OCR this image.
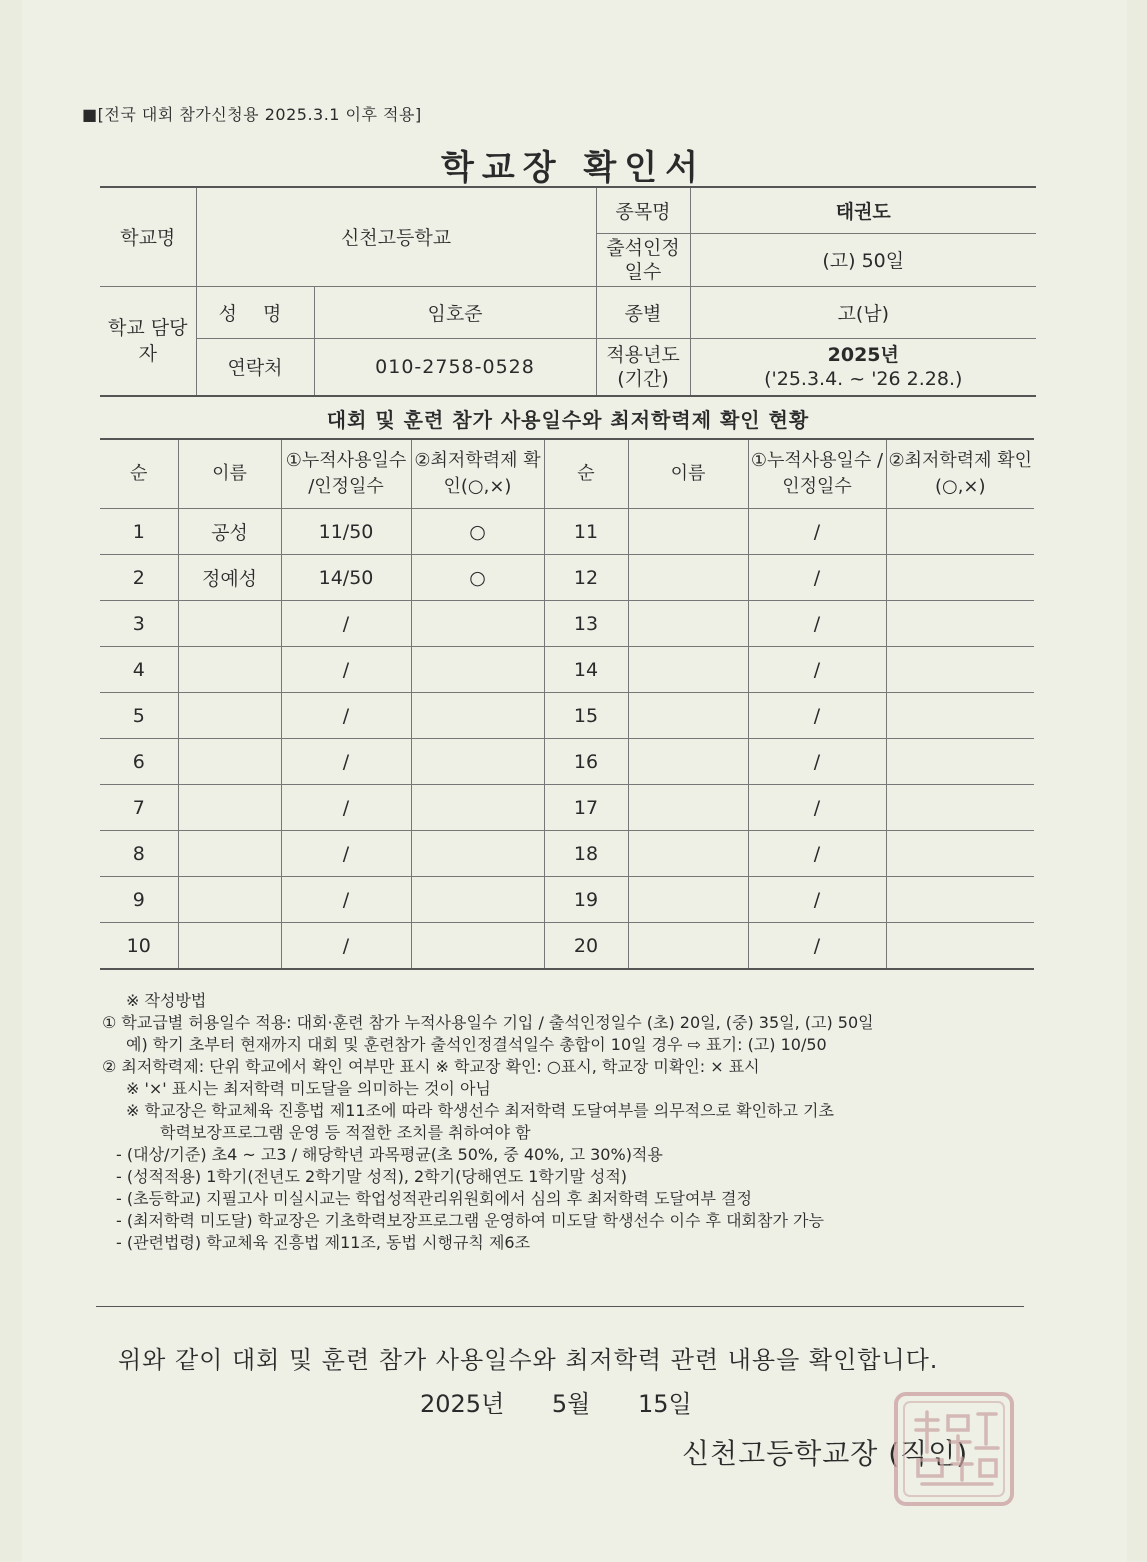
■[전국 대회 참가신청용 2025.3.1 이후 적용]
학교장 확인서
학교명	신천고등학교		종목명	태권도
			출석인정 일수	(고) 50일
학교 담당자	성 명	임호준	종별	고(남)
	연락처	010-2758-0528	적용년도 (기간)	2025년
('25.3.4. ~ '26 2.28.)
대회 및 훈련 참가 사용일수와 최저학력제 확인 현황
순	이름	①누적사용일수 /인정일수	②최저학력제 확인(○,×)	순	이름	①누적사용일수 /인정일수	②최저학력제 확인(○,×)
1	공성	11/50	○	11		/	
2	정예성	14/50	○	12		/	
3		/		13		/	
4		/		14		/	
5		/		15		/	
6		/		16		/	
7		/		17		/	
8		/		18		/	
9		/		19		/	
10		/		20		/	
※ 작성방법
① 학교급별 허용일수 적용: 대회·훈련 참가 누적사용일수 기입 / 출석인정일수 (초) 20일, (중) 35일, (고) 50일
예) 학기 초부터 현재까지 대회 및 훈련참가 출석인정결석일수 총합이 10일 경우 ⇨ 표기: (고) 10/50
② 최저학력제: 단위 학교에서 확인 여부만 표시 ※ 학교장 확인: ○표시, 학교장 미확인: × 표시
※ '×' 표시는 최저학력 미도달을 의미하는 것이 아님
※ 학교장은 학교체육 진흥법 제11조에 따라 학생선수 최저학력 도달여부를 의무적으로 확인하고 기초
학력보장프로그램 운영 등 적절한 조치를 취하여야 함
- (대상/기준) 초4 ~ 고3 / 해당학년 과목평균(초 50%, 중 40%, 고 30%)적용
- (성적적용) 1학기(전년도 2학기말 성적), 2학기(당해연도 1학기말 성적)
- (초등학교) 지필고사 미실시교는 학업성적관리위원회에서 심의 후 최저학력 도달여부 결정
- (최저학력 미도달) 학교장은 기초학력보장프로그램 운영하여 미도달 학생선수 이수 후 대회참가 가능
- (관련법령) 학교체육 진흥법 제11조, 동법 시행규칙 제6조
위와 같이 대회 및 훈련 참가 사용일수와 최저학력 관련 내용을 확인합니다.
2025년 5월 15일
신천고등학교장 (직인)
